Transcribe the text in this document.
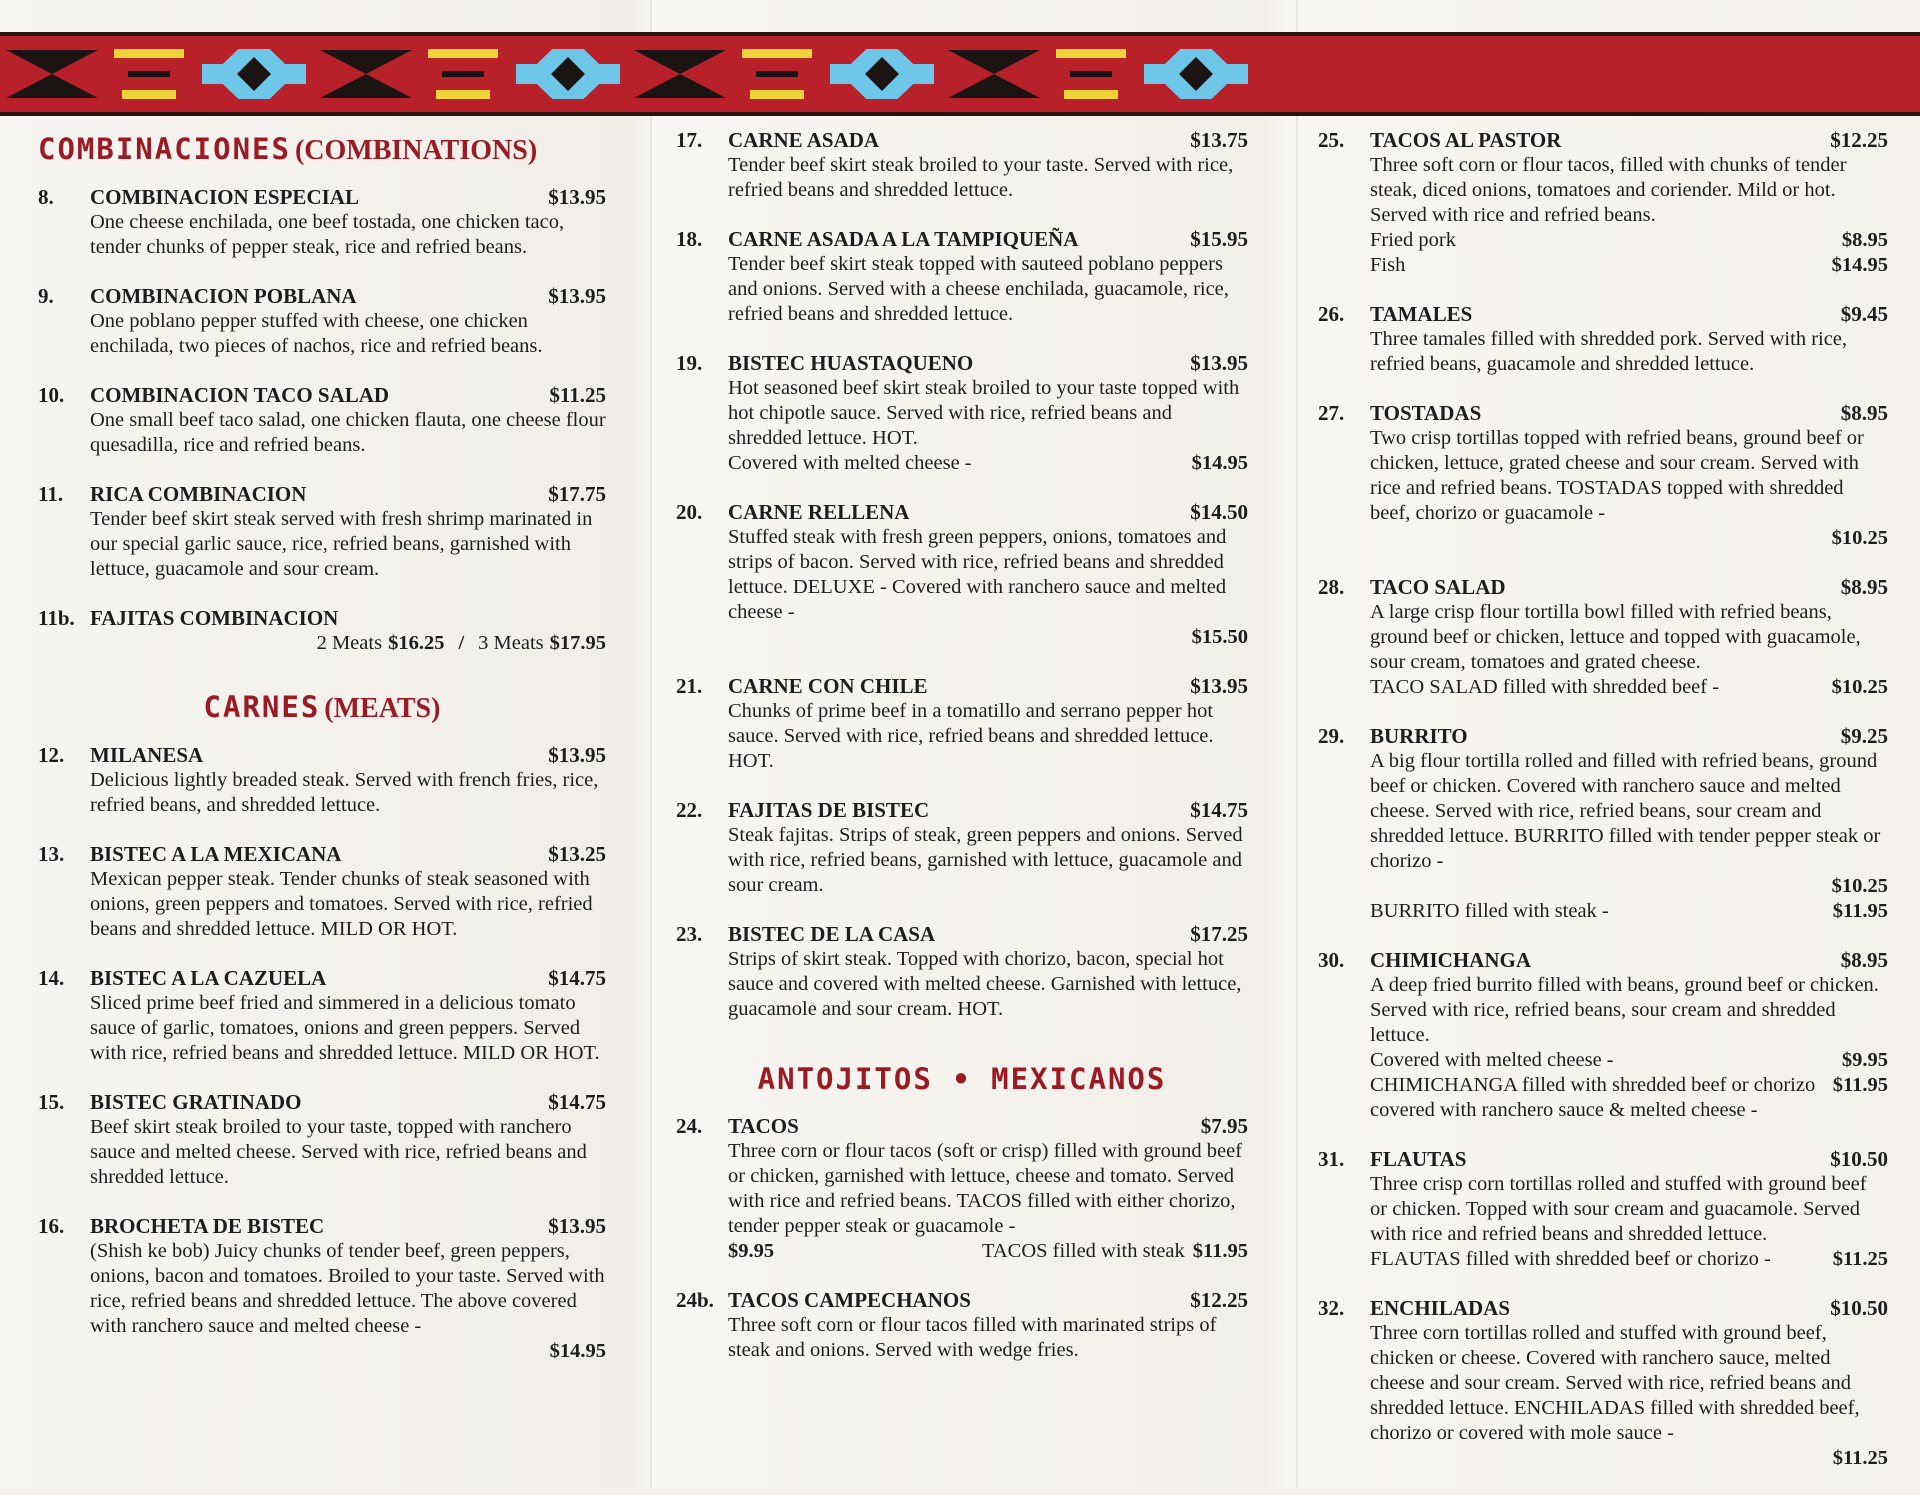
COMBINACIONES (COMBINATIONS)
8.	COMBINACION ESPECIAL	$13.95
One cheese enchilada, one beef tostada, one chicken taco, tender chunks of pepper steak, rice and refried beans.
9.	COMBINACION POBLANA	$13.95
One poblano pepper stuffed with cheese, one chicken enchilada, two pieces of nachos, rice and refried beans.
10.	COMBINACION TACO SALAD	$11.25
One small beef taco salad, one chicken flauta, one cheese flour quesadilla, rice and refried beans.
11.	RICA COMBINACION	$17.75
Tender beef skirt steak served with fresh shrimp marinated in our special garlic sauce, rice, refried beans, garnished with lettuce, guacamole and sour cream.
11b. FAJITAS COMBINACION
2 Meats $16.25 / 3 Meats $17.95
CARNES (MEATS)
12.	MILANESA	$13.95
Delicious lightly breaded steak. Served with french fries, rice, refried beans, and shredded lettuce.
13.	BISTEC A LA MEXICANA	$13.25
Mexican pepper steak. Tender chunks of steak seasoned with onions, green peppers and tomatoes. Served with rice, refried beans and shredded lettuce. MILD OR HOT.
14.	BISTEC A LA CAZUELA	$14.75
Sliced prime beef fried and simmered in a delicious tomato sauce of garlic, tomatoes, onions and green peppers. Served with rice, refried beans and shredded lettuce. MILD OR HOT.
15.	BISTEC GRATINADO	$14.75
Beef skirt steak broiled to your taste, topped with ranchero sauce and melted cheese. Served with rice, refried beans and shredded lettuce.
16.	BROCHETA DE BISTEC	$13.95
(Shish ke bob) Juicy chunks of tender beef, green peppers, onions, bacon and tomatoes. Broiled to your taste. Served with rice, refried beans and shredded lettuce. The above covered with ranchero sauce and melted cheese -
$14.95
17.	CARNE ASADA	$13.75
Tender beef skirt steak broiled to your taste. Served with rice, refried beans and shredded lettuce.
18.	CARNE ASADA A LA TAMPIQUEÑA	$15.95
Tender beef skirt steak topped with sauteed poblano peppers and onions. Served with a cheese enchilada, guacamole, rice, refried beans and shredded lettuce.
19.	BISTEC HUASTAQUENO	$13.95
Hot seasoned beef skirt steak broiled to your taste topped with hot chipotle sauce. Served with rice, refried beans and shredded lettuce. HOT.
Covered with melted cheese -	$14.95
20.	CARNE RELLENA	$14.50
Stuffed steak with fresh green peppers, onions, tomatoes and strips of bacon. Served with rice, refried beans and shredded lettuce. DELUXE - Covered with ranchero sauce and melted cheese -
$15.50
21.	CARNE CON CHILE	$13.95
Chunks of prime beef in a tomatillo and serrano pepper hot sauce. Served with rice, refried beans and shredded lettuce. HOT.
22.	FAJITAS DE BISTEC	$14.75
Steak fajitas. Strips of steak, green peppers and onions. Served with rice, refried beans, garnished with lettuce, guacamole and sour cream.
23.	BISTEC DE LA CASA	$17.25
Strips of skirt steak. Topped with chorizo, bacon, special hot sauce and covered with melted cheese. Garnished with lettuce, guacamole and sour cream. HOT.
ANTOJITOS • MEXICANOS
24.	TACOS	$7.95
Three corn or flour tacos (soft or crisp) filled with ground beef or chicken, garnished with lettuce, cheese and tomato. Served with rice and refried beans. TACOS filled with either chorizo, tender pepper steak or guacamole -
$9.95	TACOS filled with steak $11.95
24b. TACOS CAMPECHANOS	$12.25
Three soft corn or flour tacos filled with marinated strips of steak and onions. Served with wedge fries.
25.	TACOS AL PASTOR	$12.25
Three soft corn or flour tacos, filled with chunks of tender steak, diced onions, tomatoes and coriender. Mild or hot. Served with rice and refried beans.
Fried pork	$8.95
Fish	$14.95
26.	TAMALES	$9.45
Three tamales filled with shredded pork. Served with rice, refried beans, guacamole and shredded lettuce.
27.	TOSTADAS	$8.95
Two crisp tortillas topped with refried beans, ground beef or chicken, lettuce, grated cheese and sour cream. Served with rice and refried beans. TOSTADAS topped with shredded beef, chorizo or guacamole -
$10.25
28.	TACO SALAD	$8.95
A large crisp flour tortilla bowl filled with refried beans, ground beef or chicken, lettuce and topped with guacamole, sour cream, tomatoes and grated cheese.
TACO SALAD filled with shredded beef -	$10.25
29.	BURRITO	$9.25
A big flour tortilla rolled and filled with refried beans, ground beef or chicken. Covered with ranchero sauce and melted cheese. Served with rice, refried beans, sour cream and shredded lettuce. BURRITO filled with tender pepper steak or chorizo -
$10.25
BURRITO filled with steak -	$11.95
30.	CHIMICHANGA	$8.95
A deep fried burrito filled with beans, ground beef or chicken. Served with rice, refried beans, sour cream and shredded lettuce.
Covered with melted cheese -	$9.95
CHIMICHANGA filled with shredded beef or chorizo covered with ranchero sauce & melted cheese -
$11.95
31.	FLAUTAS	$10.50
Three crisp corn tortillas rolled and stuffed with ground beef or chicken. Topped with sour cream and guacamole. Served with rice and refried beans and shredded lettuce.
FLAUTAS filled with shredded beef or chorizo -	$11.25
32.	ENCHILADAS	$10.50
Three corn tortillas rolled and stuffed with ground beef, chicken or cheese. Covered with ranchero sauce, melted cheese and sour cream. Served with rice, refried beans and shredded lettuce. ENCHILADAS filled with shredded beef, chorizo or covered with mole sauce -
$11.25
